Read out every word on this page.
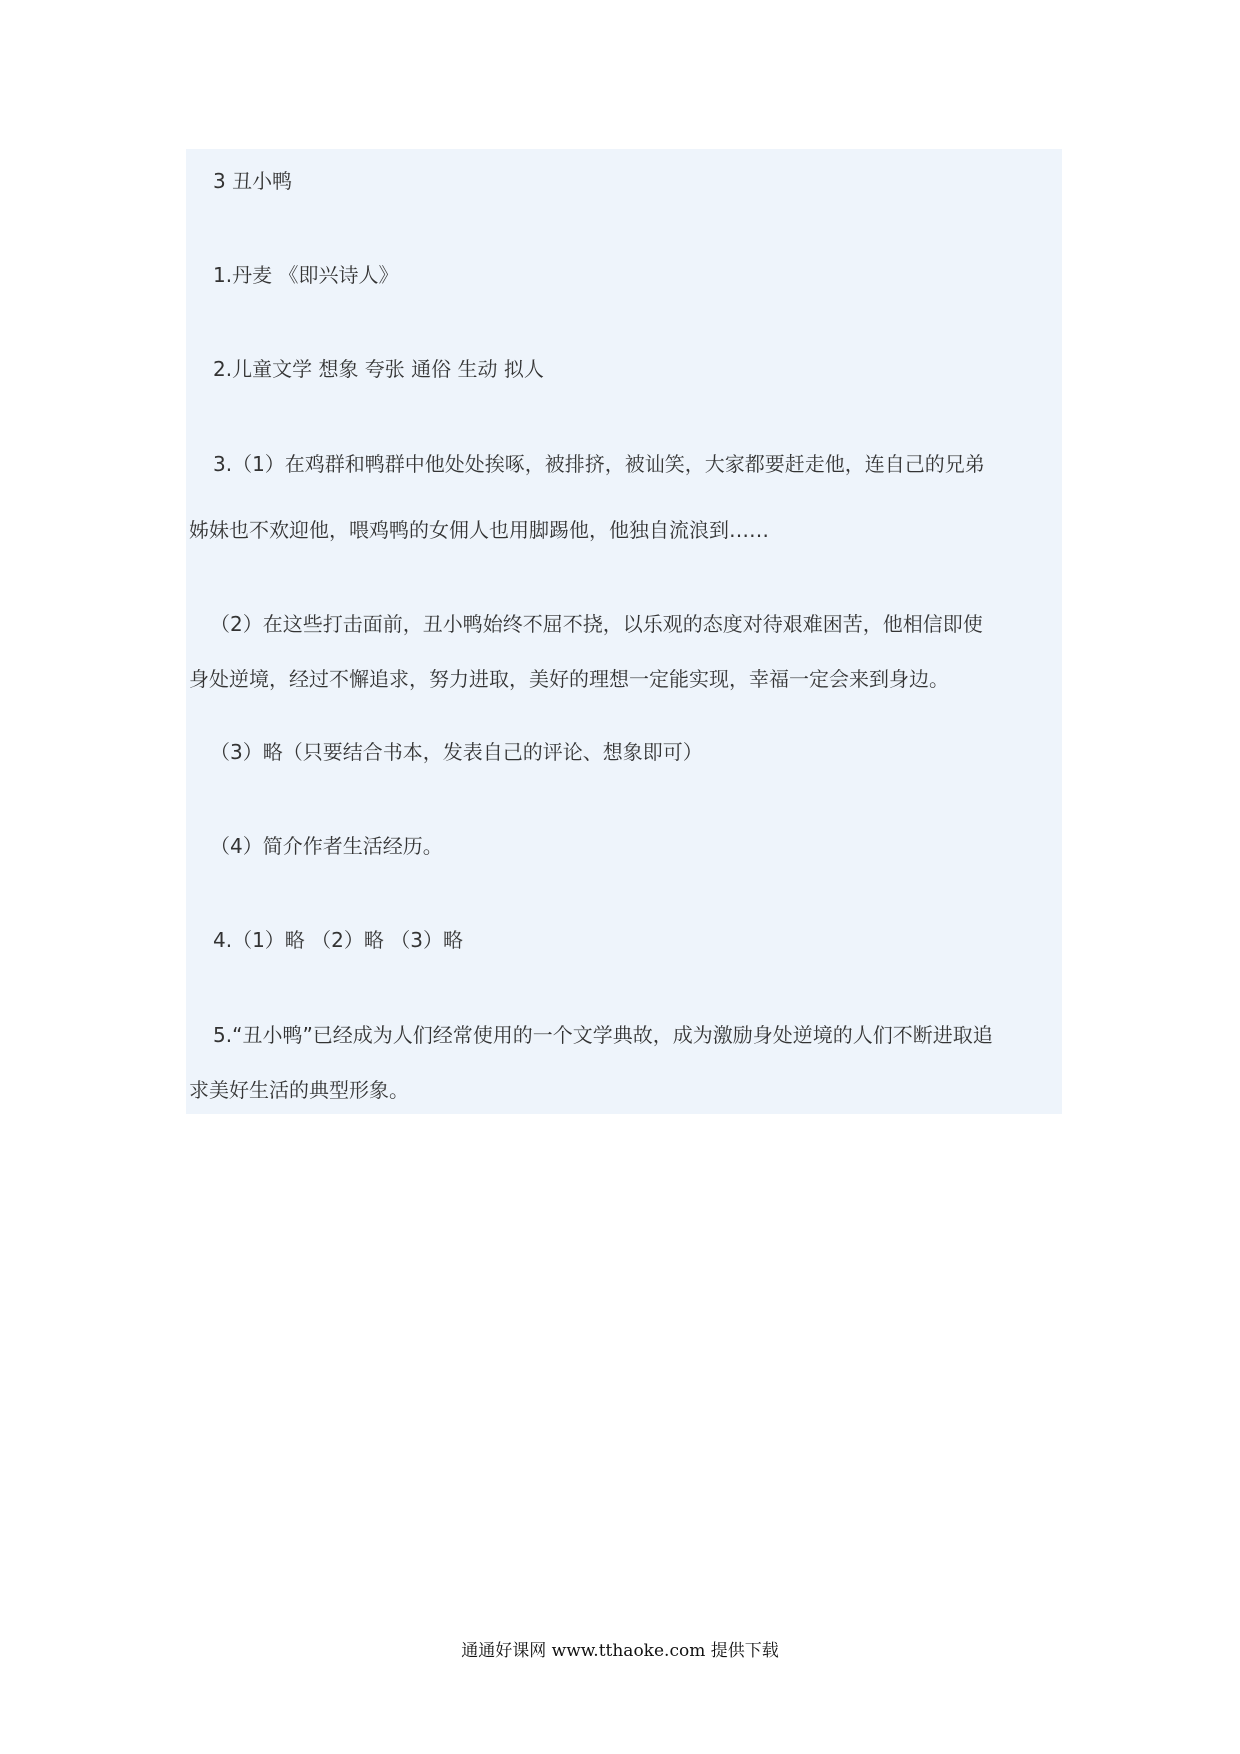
3 丑小鸭
1.丹麦 《即兴诗人》
2.儿童文学 想象 夸张 通俗 生动 拟人
3.（1）在鸡群和鸭群中他处处挨啄，被排挤，被讪笑，大家都要赶走他，连自己的兄弟
姊妹也不欢迎他，喂鸡鸭的女佣人也用脚踢他，他独自流浪到……
（2）在这些打击面前，丑小鸭始终不屈不挠，以乐观的态度对待艰难困苦，他相信即使
身处逆境，经过不懈追求，努力进取，美好的理想一定能实现，幸福一定会来到身边。
（3）略（只要结合书本，发表自己的评论、想象即可）
（4）简介作者生活经历。
4.（1）略 （2）略 （3）略
5.“丑小鸭”已经成为人们经常使用的一个文学典故，成为激励身处逆境的人们不断进取追
求美好生活的典型形象。
通通好课网 www.tthaoke.com 提供下载
